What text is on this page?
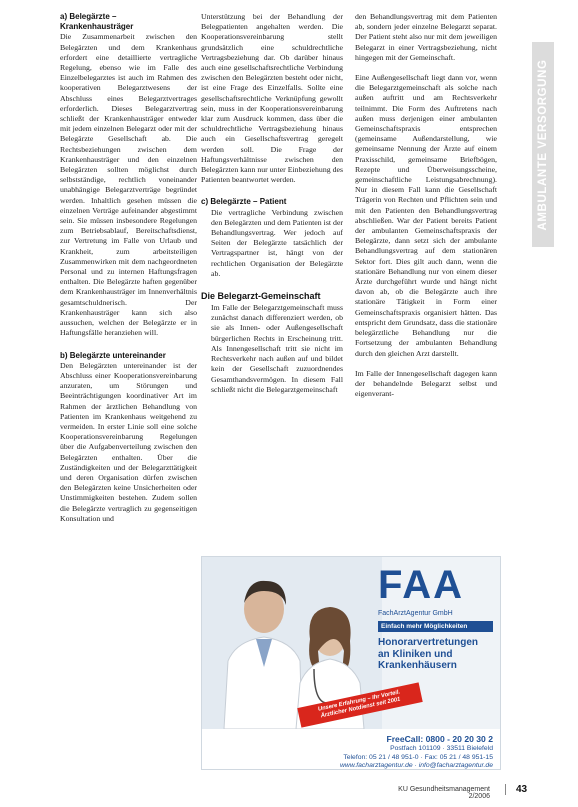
a) Belegärzte –
Krankenhausträger

Die Zusammenarbeit zwischen den Belegärzten und dem Krankenhaus erfordert eine detaillierte vertragliche Regelung, ebenso wie im Falle des Einzelbelegarztes ist auch im Rahmen des kooperativen Belegarztwesens der Abschluss eines Belegarztvertrages erforderlich. Dieses Belegarztvertrag schließt der Krankenhausträger entweder mit jedem einzelnen Belegarzt oder mit der Belegärzte Gesellschaft ab. Die Rechtsbeziehungen zwischen dem Krankenhausträger und den einzelnen Belegärzten sollten möglichst durch selbstständige, rechtlich voneinander unabhängige Belegarztverträge begründet werden. Inhaltlich gesehen müssen die einzelnen Verträge aufeinander abgestimmt sein. Sie müssen insbesondere Regelungen zum Betriebsablauf, Bereitschaftsdienst, zur Vertretung im Falle von Urlaub und Krankheit, zum arbeitsteiligen Zusammenwirken mit dem nachgeordneten Personal und zu internen Haftungsfragen enthalten. Die Belegärzte haften gegenüber dem Krankenhausträger im Innenverhältnis gesamtschuldnerisch. Der Krankenhausträger kann sich also aussuchen, welchen der Belegärzte er in Haftungsfälle heranziehen will.

b) Belegärzte untereinander

Den Belegärzten untereinander ist der Abschluss einer Kooperationsvereinbarung anzuraten, um Störungen und Beeinträchtigungen koordinativer Art im Rahmen der ärztlichen Behandlung von Patienten im Krankenhaus weitgehend zu vermeiden. In erster Linie soll eine solche Kooperationsvereinbarung Regelungen über die Aufgabenverteilung zwischen den Belegärzten enthalten. Über die Zuständigkeiten und der Belegarzttätigkeit und deren Organisation dürfen zwischen den Belegärzten keine Unsicherheiten oder Unstimmigkeiten bestehen. Zudem sollen die Belegärzte vertraglich zu gegenseitigen Konsultation und

Unterstützung bei der Behandlung der Belegpatienten angehalten werden. Die Kooperationsvereinbarung stellt grundsätzlich eine schuldrechtliche Vertragsbeziehung dar. Ob darüber hinaus auch eine gesellschaftsrechtliche Verbindung zwischen den Belegärzten besteht oder nicht, ist eine Frage des Einzelfalls. Sollte eine gesellschaftsrechtliche Verknüpfung gewollt sein, muss in der Kooperationsvereinbarung klar zum Ausdruck kommen, dass über die schuldrechtliche Vertragsbeziehung hinaus auch ein Gesellschaftsvertrag geregelt werden soll. Die Frage der Haftungsverhältnisse zwischen den Belegärzten kann nur unter Einbeziehung des Patienten beantwortet werden.

c) Belegärzte – Patient

Die vertragliche Verbindung zwischen den Belegärzten und dem Patienten ist der Behandlungsvertrag. Wer jedoch auf Seiten der Belegärzte tatsächlich der Vertragspartner ist, hängt von der rechtlichen Organisation der Belegärzte ab.

Die Belegarzt-Gemeinschaft

Im Falle der Belegarztgemeinschaft muss zunächst danach differenziert werden, ob sie als Innen- oder Außengesellschaft bürgerlichen Rechts in Erscheinung tritt. Als Innengesellschaft tritt sie nicht im Rechtsverkehr nach außen auf und bildet kein der Gesellschaft zuzuordnendes Gesamthandsvermögen. In diesem Fall schließt nicht die Belegarztgemeinschaft

den Behandlungsvertrag mit dem Patienten ab, sondern jeder einzelne Belegarzt separat. Der Patient steht also nur mit dem jeweiligen Belegarzt in einer Vertragsbeziehung, nicht hingegen mit der Gemeinschaft.

Eine Außengesellschaft liegt dann vor, wenn die Belegarztgemeinschaft als solche nach außen auftritt und am Rechtsverkehr teilnimmt. Die Form des Auftretens nach außen muss derjenigen einer ambulanten Gemeinschaftspraxis entsprechen (gemeinsame Außendarstellung, wie gemeinsame Nennung der Ärzte auf einem Praxisschild, gemeinsame Briefbögen, Rezepte und Überweisungsscheine, gemeinschaftliche Leistungsabrechnung). Nur in diesem Fall kann die Gesellschaft Trägerin von Rechten und Pflichten sein und mit den Patienten den Behandlungsvertrag abschließen. War der Patient bereits Patient der ambulanten Gemeinschaftspraxis der Belegärzte, dann setzt sich der ambulante Behandlungsvertrag auf dem stationären Sektor fort. Dies gilt auch dann, wenn die stationäre Behandlung nur von einem dieser Ärzte durchgeführt wurde und hängt nicht davon ab, ob die Belegärzte auch ihre stationäre Tätigkeit in Form einer Gemeinschaftspraxis organisiert hätten. Das entspricht dem Grundsatz, dass die stationäre belegärztliche Behandlung nur die Fortsetzung der ambulanten Behandlung durch den gleichen Arzt darstellt.

Im Falle der Innengesellschaft dagegen kann der behandelnde Belegarzt selbst und eigenverant-

AMBULANTE VERSORGUNG
FAA
FachArztAgentur GmbH
Einfach mehr Möglichkeiten
Honorarvertretungen an Kliniken und Krankenhäusern
Unsere Erfahrung – Ihr Vorteil. Ärztlicher Notdienst seit 2001
FreeCall: 0800 - 20 20 30 2
Postfach 101109 · 33511 Bielefeld
Telefon: 05 21 / 48 951-0 · Fax: 05 21 / 48 951-15
www.facharztagentur.de · info@facharztagentur.de
KU Gesundheitsmanagement 2/2006
43
